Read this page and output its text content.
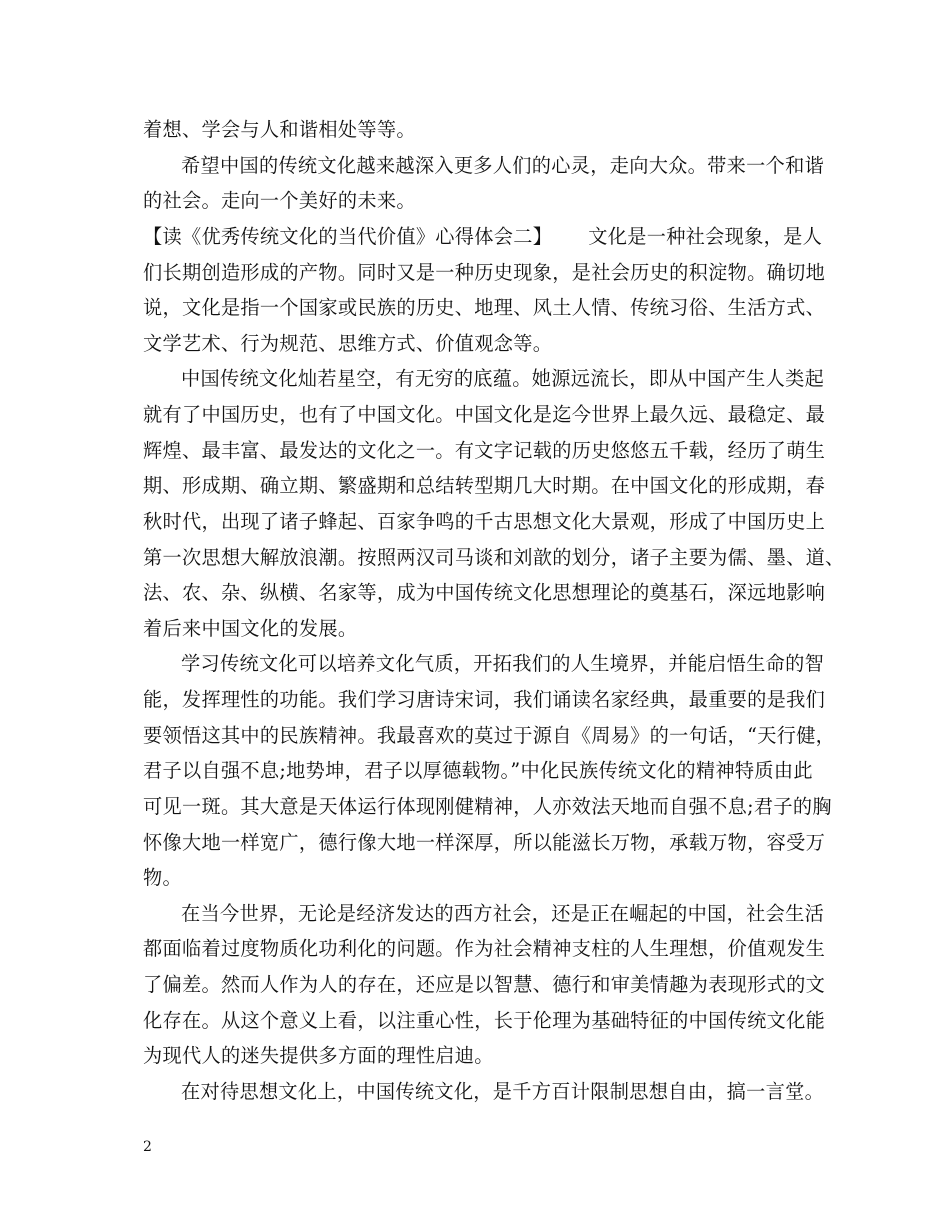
着想、学会与人和谐相处等等。
希望中国的传统文化越来越深入更多人们的心灵，走向大众。带来一个和谐
的社会。走向一个美好的未来。
【读《优秀传统文化的当代价值》心得体会二】 文化是一种社会现象，是人
们长期创造形成的产物。同时又是一种历史现象，是社会历史的积淀物。确切地
说，文化是指一个国家或民族的历史、地理、风土人情、传统习俗、生活方式、
文学艺术、行为规范、思维方式、价值观念等。
中国传统文化灿若星空，有无穷的底蕴。她源远流长，即从中国产生人类起
就有了中国历史，也有了中国文化。中国文化是迄今世界上最久远、最稳定、最
辉煌、最丰富、最发达的文化之一。有文字记载的历史悠悠五千载，经历了萌生
期、形成期、确立期、繁盛期和总结转型期几大时期。在中国文化的形成期，春
秋时代，出现了诸子蜂起、百家争鸣的千古思想文化大景观，形成了中国历史上
第一次思想大解放浪潮。按照两汉司马谈和刘歆的划分，诸子主要为儒、墨、道、
法、农、杂、纵横、名家等，成为中国传统文化思想理论的奠基石，深远地影响
着后来中国文化的发展。
学习传统文化可以培养文化气质，开拓我们的人生境界，并能启悟生命的智
能，发挥理性的功能。我们学习唐诗宋词，我们诵读名家经典，最重要的是我们
要领悟这其中的民族精神。我最喜欢的莫过于源自《周易》的一句话，“天行健，
君子以自强不息;地势坤，君子以厚德载物。”中化民族传统文化的精神特质由此
可见一斑。其大意是天体运行体现刚健精神，人亦效法天地而自强不息;君子的胸
怀像大地一样宽广，德行像大地一样深厚，所以能滋长万物，承载万物，容受万
物。
在当今世界，无论是经济发达的西方社会，还是正在崛起的中国，社会生活
都面临着过度物质化功利化的问题。作为社会精神支柱的人生理想，价值观发生
了偏差。然而人作为人的存在，还应是以智慧、德行和审美情趣为表现形式的文
化存在。从这个意义上看，以注重心性，长于伦理为基础特征的中国传统文化能
为现代人的迷失提供多方面的理性启迪。
在对待思想文化上，中国传统文化，是千方百计限制思想自由，搞一言堂。
2
